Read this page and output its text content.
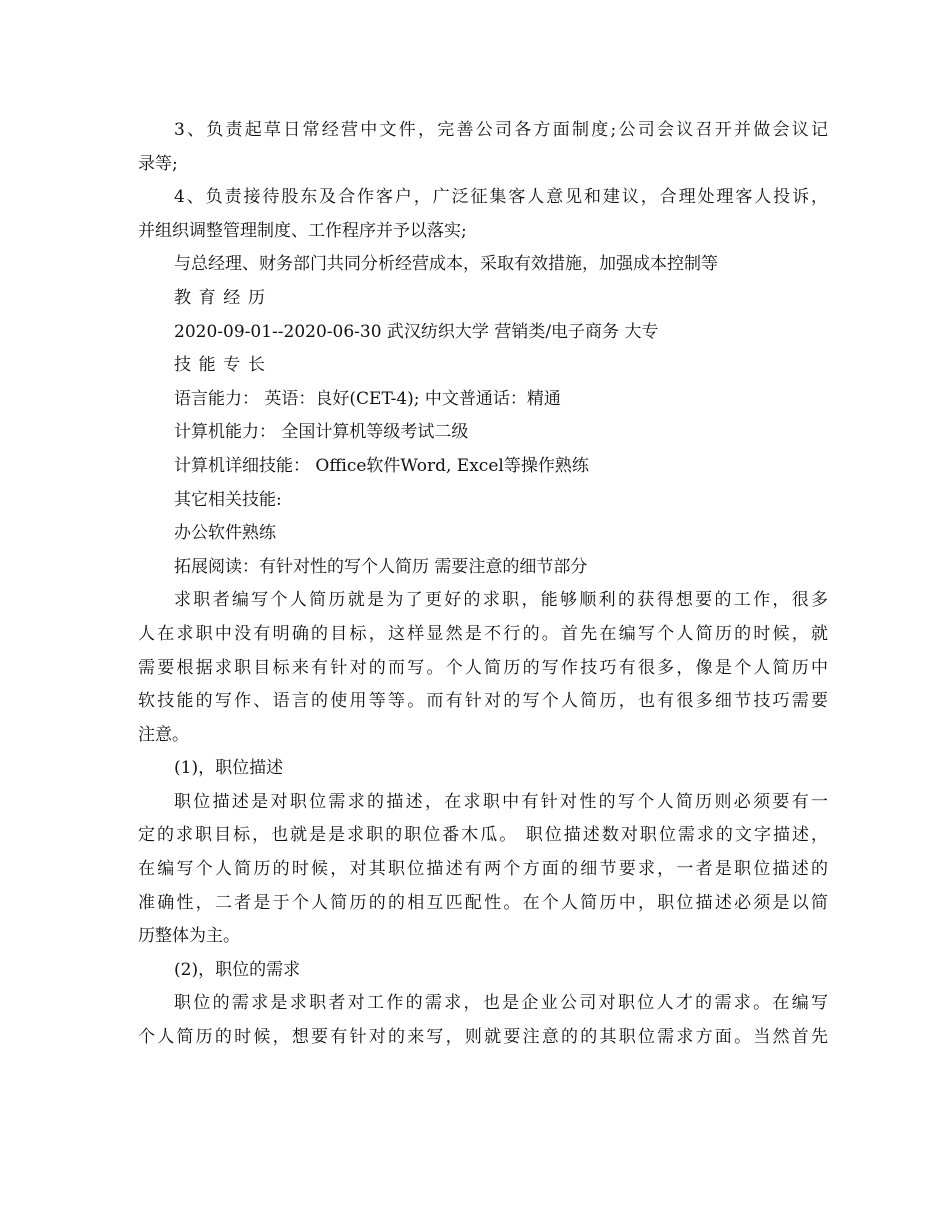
3、负责起草日常经营中文件，完善公司各方面制度;公司会议召开并做会议记
录等;
4、负责接待股东及合作客户，广泛征集客人意见和建议，合理处理客人投诉，
并组织调整管理制度、工作程序并予以落实;
与总经理、财务部门共同分析经营成本，采取有效措施，加强成本控制等
教育经历
2020-09-01--2020-06-30 武汉纺织大学 营销类/电子商务 大专
技能专长
语言能力： 英语：良好(CET-4); 中文普通话：精通
计算机能力： 全国计算机等级考试二级
计算机详细技能： Office软件Word, Excel等操作熟练
其它相关技能:
办公软件熟练
拓展阅读：有针对性的写个人简历 需要注意的细节部分
求职者编写个人简历就是为了更好的求职，能够顺利的获得想要的工作，很多
人在求职中没有明确的目标，这样显然是不行的。首先在编写个人简历的时候，就
需要根据求职目标来有针对的而写。个人简历的写作技巧有很多，像是个人简历中
软技能的写作、语言的使用等等。而有针对的写个人简历，也有很多细节技巧需要
注意。
(1)，职位描述
职位描述是对职位需求的描述，在求职中有针对性的写个人简历则必须要有一
定的求职目标，也就是是求职的职位番木瓜。 职位描述数对职位需求的文字描述，
在编写个人简历的时候，对其职位描述有两个方面的细节要求，一者是职位描述的
准确性，二者是于个人简历的的相互匹配性。在个人简历中，职位描述必须是以简
历整体为主。
(2)，职位的需求
职位的需求是求职者对工作的需求，也是企业公司对职位人才的需求。在编写
个人简历的时候，想要有针对的来写，则就要注意的的其职位需求方面。当然首先
